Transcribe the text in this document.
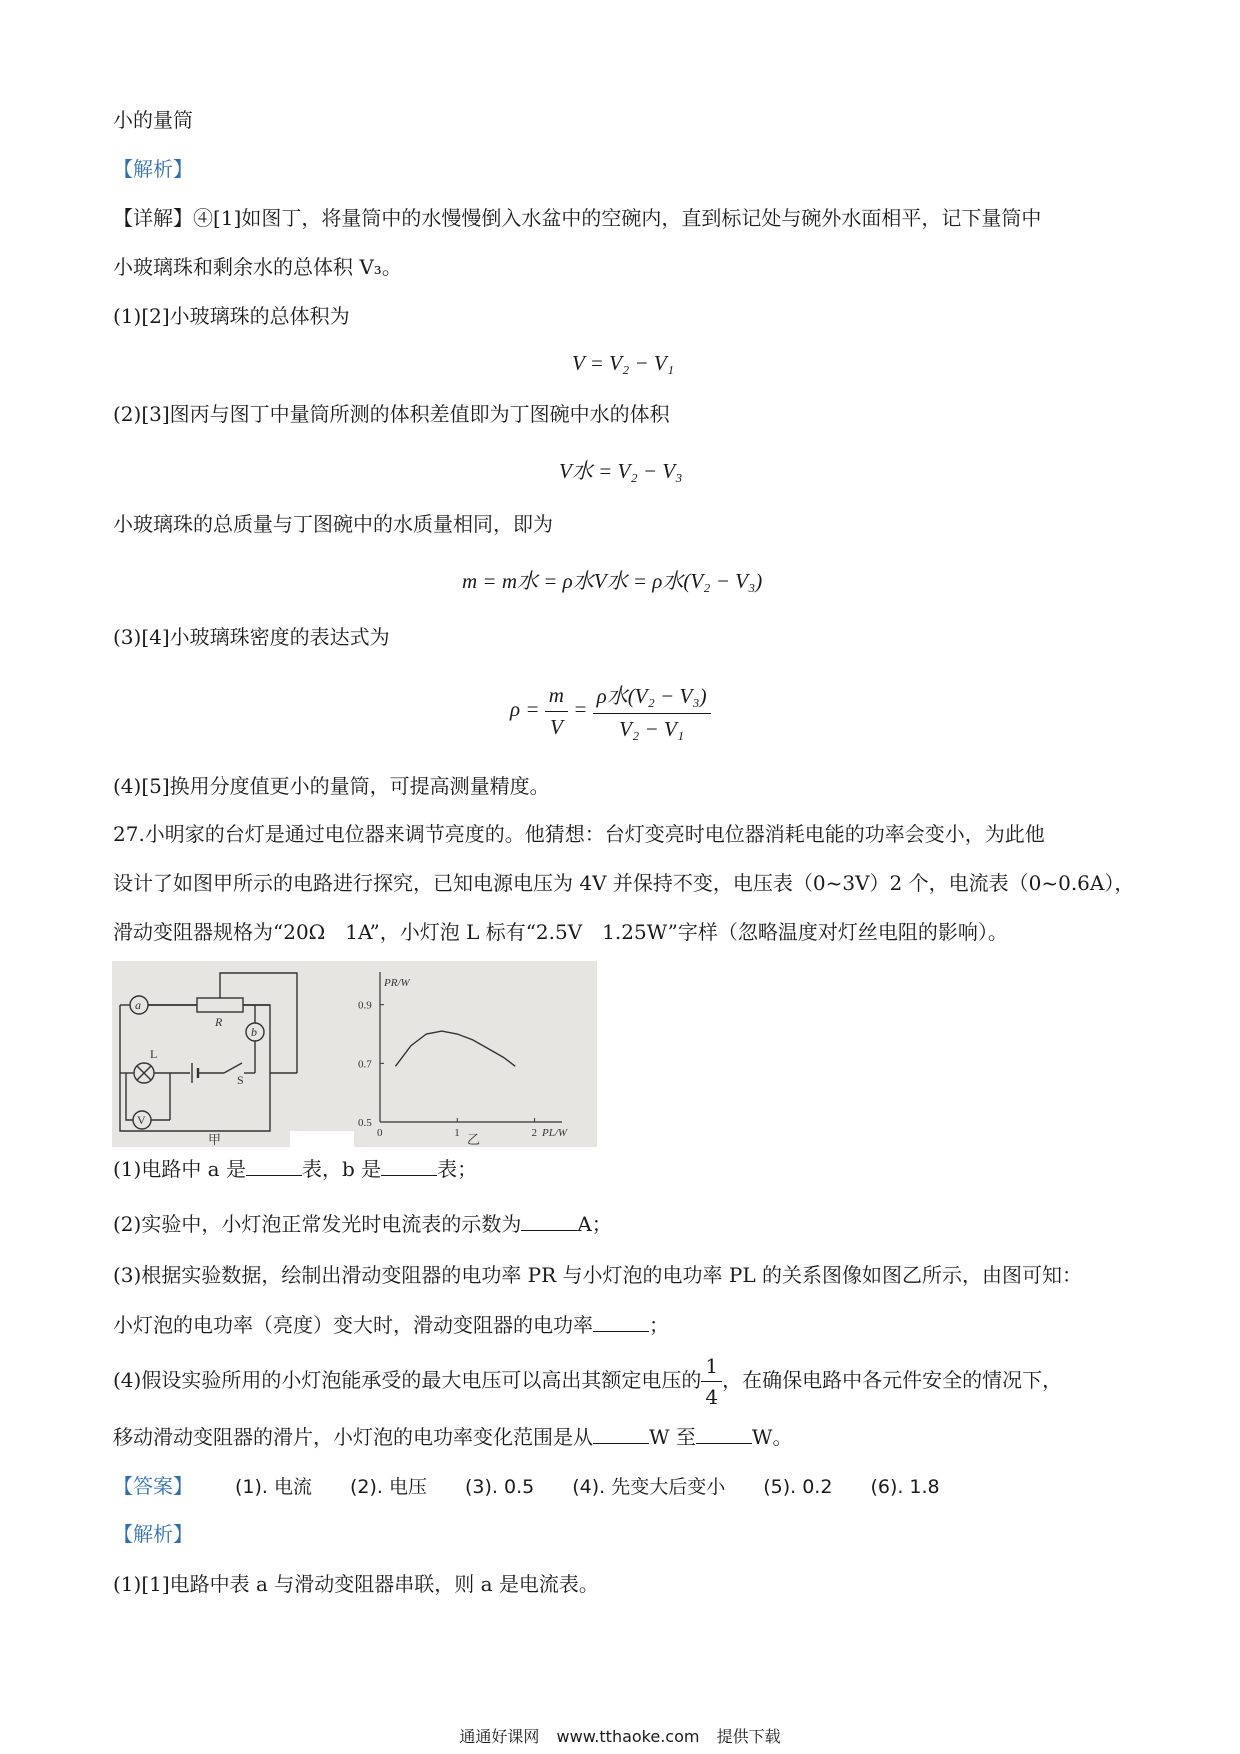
小的量筒
【解析】
【详解】④[1]如图丁，将量筒中的水慢慢倒入水盆中的空碗内，直到标记处与碗外水面相平，记下量筒中
小玻璃珠和剩余水的总体积 V₃。
(1)[2]小玻璃珠的总体积为
V = V₂ − V₁
(2)[3]图丙与图丁中量筒所测的体积差值即为丁图碗中水的体积
V水 = V₂ − V₃
小玻璃珠的总质量与丁图碗中的水质量相同，即为
m = m水 = ρ水V水 = ρ水(V₂ − V₃)
(3)[4]小玻璃珠密度的表达式为
$\rho = \frac{m}{V} = \frac{\text{ρ水(V₂ − V₃)}}{\text{V₂ − V₁}}$
(4)[5]换用分度值更小的量筒，可提高测量精度。
27.小明家的台灯是通过电位器来调节亮度的。他猜想：台灯变亮时电位器消耗电能的功率会变小，为此他
设计了如图甲所示的电路进行探究，已知电源电压为 4V 并保持不变，电压表（0~3V）2 个，电流表（0~0.6A），
滑动变阻器规格为“20Ω　1A”，小灯泡 L 标有“2.5V　1.25W”字样（忽略温度对灯丝电阻的影响）。
a
R
b
L
S
V
甲	0	1	2
0.5
0.7
0.9
PL/W
PR/W
乙
(1)电路中 a 是	表，b 是	表；
(2)实验中，小灯泡正常发光时电流表的示数为	A；
(3)根据实验数据，绘制出滑动变阻器的电功率 PR 与小灯泡的电功率 PL 的关系图像如图乙所示，由图可知：
小灯泡的电功率（亮度）变大时，滑动变阻器的电功率	；
(4)假设实验所用的小灯泡能承受的最大电压可以高出其额定电压的 $\frac{1}{4}$ ，在确保电路中各元件安全的情况下，
移动滑动变阻器的滑片，小灯泡的电功率变化范围是从	W 至	W。
【答案】 (1). 电流 (2). 电压 (3). 0.5 (4). 先变大后变小 (5). 0.2 (6). 1.8
【解析】
(1)[1]电路中表 a 与滑动变阻器串联，则 a 是电流表。
通通好课网 www.tthaoke.com 提供下载
